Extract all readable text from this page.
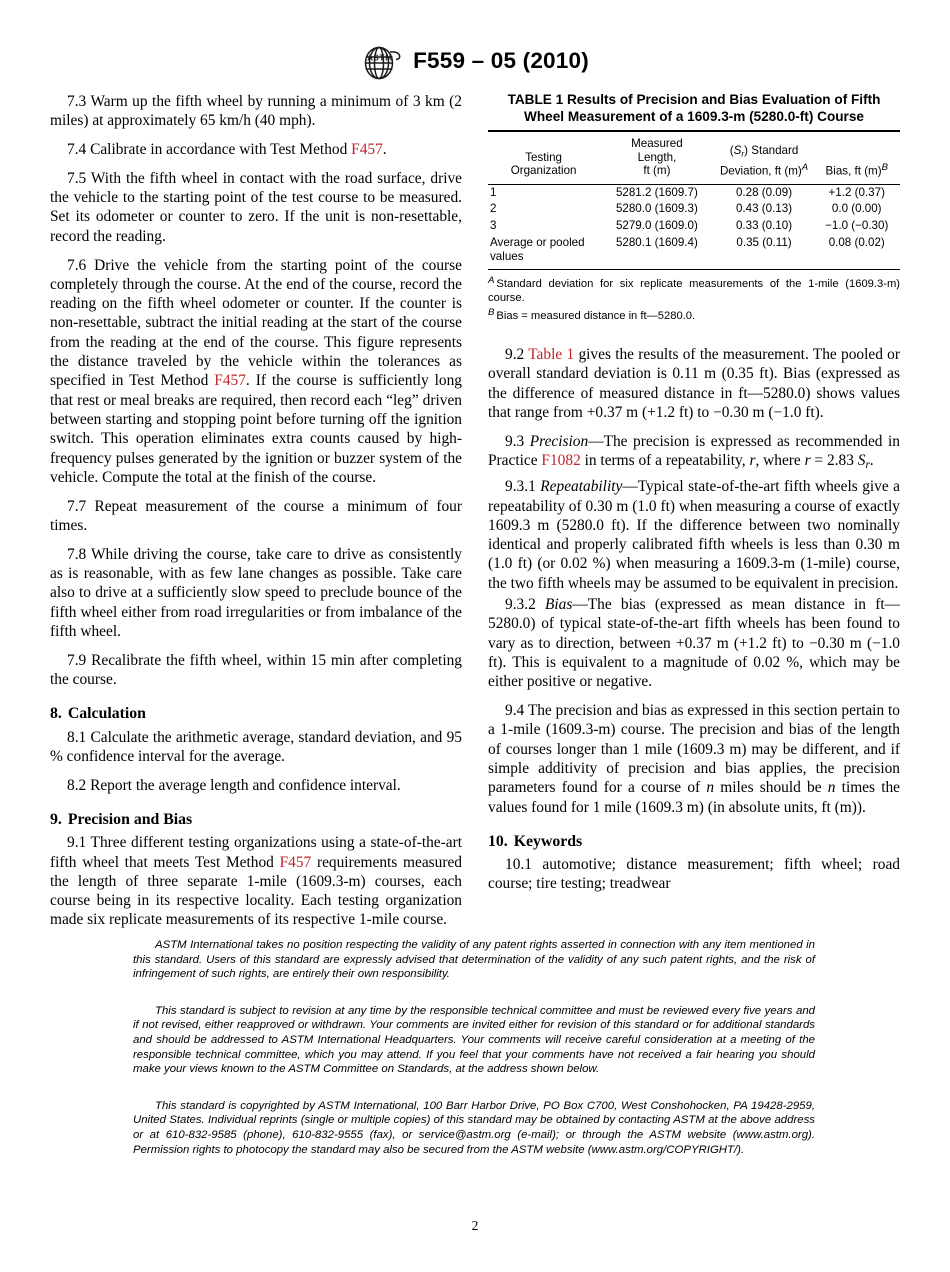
A S T M F559 – 05 (2010)

7.3 Warm up the fifth wheel by running a minimum of 3 km (2 miles) at approximately 65 km/h (40 mph).

7.4 Calibrate in accordance with Test Method F457.

7.5 With the fifth wheel in contact with the road surface, drive the vehicle to the starting point of the test course to be measured. Set its odometer or counter to zero. If the unit is non-resettable, record the reading.

7.6 Drive the vehicle from the starting point of the course completely through the course. At the end of the course, record the reading on the fifth wheel odometer or counter. If the counter is non-resettable, subtract the initial reading at the start of the course from the reading at the end of the course. This figure represents the distance traveled by the vehicle within the tolerances as specified in Test Method F457. If the course is sufficiently long that rest or meal breaks are required, then record each “leg” driven between starting and stopping point before turning off the ignition switch. This operation eliminates extra counts caused by high-frequency pulses generated by the ignition or buzzer system of the vehicle. Compute the total at the finish of the course.

7.7 Repeat measurement of the course a minimum of four times.

7.8 While driving the course, take care to drive as consistently as is reasonable, with as few lane changes as possible. Take care also to drive at a sufficiently slow speed to preclude bounce of the fifth wheel either from road irregularities or from imbalance of the fifth wheel.

7.9 Recalibrate the fifth wheel, within 15 min after completing the course.

8. Calculation

8.1 Calculate the arithmetic average, standard deviation, and 95 % confidence interval for the average.

8.2 Report the average length and confidence interval.

9. Precision and Bias

9.1 Three different testing organizations using a state-of-the-art fifth wheel that meets Test Method F457 requirements measured the length of three separate 1-mile (1609.3-m) courses, each course being in its respective locality. Each testing organization made six replicate measurements of its respective 1-mile course.

TABLE 1 Results of Precision and Bias Evaluation of Fifth Wheel Measurement of a 1609.3-m (5280.0-ft) Course
Testing
Organization	Measured
Length,
ft (m)	$(S_r)$ Standard
Deviation, ft (m)$^A$	Bias, ft (m)$^B$
1	5281.2 (1609.7)	0.28 (0.09)	+1.2 (0.37)
2	5280.0 (1609.3)	0.43 (0.13)	0.0 (0.00)
3	5279.0 (1609.0)	0.33 (0.10)	−1.0 (−0.30)
Average or pooled values	5280.1 (1609.4)	0.35 (0.11)	0.08 (0.02)
A Standard deviation for six replicate measurements of the 1-mile (1609.3-m) course.
B Bias = measured distance in ft—5280.0.

9.2 Table 1 gives the results of the measurement. The pooled or overall standard deviation is 0.11 m (0.35 ft). Bias (expressed as the difference of measured distance in ft—5280.0) shows values that range from +0.37 m (+1.2 ft) to −0.30 m (−1.0 ft).

9.3 Precision—The precision is expressed as recommended in Practice F1082 in terms of a repeatability, r, where r = 2.83 $S_r$.

9.3.1 Repeatability—Typical state-of-the-art fifth wheels give a repeatability of 0.30 m (1.0 ft) when measuring a course of exactly 1609.3 m (5280.0 ft). If the difference between two nominally identical and properly calibrated fifth wheels is less than 0.30 m (1.0 ft) (or 0.02 %) when measuring a 1609.3-m (1-mile) course, the two fifth wheels may be assumed to be equivalent in precision.

9.3.2 Bias—The bias (expressed as mean distance in ft—5280.0) of typical state-of-the-art fifth wheels has been found to vary as to direction, between +0.37 m (+1.2 ft) to −0.30 m (−1.0 ft). This is equivalent to a magnitude of 0.02 %, which may be either positive or negative.

9.4 The precision and bias as expressed in this section pertain to a 1-mile (1609.3-m) course. The precision and bias of the length of courses longer than 1 mile (1609.3 m) may be different, and if simple additivity of precision and bias applies, the precision parameters found for a course of n miles should be n times the values found for 1 mile (1609.3 m) (in absolute units, ft (m)).

10. Keywords

10.1 automotive; distance measurement; fifth wheel; road course; tire testing; treadwear

ASTM International takes no position respecting the validity of any patent rights asserted in connection with any item mentioned in this standard. Users of this standard are expressly advised that determination of the validity of any such patent rights, and the risk of infringement of such rights, are entirely their own responsibility.

This standard is subject to revision at any time by the responsible technical committee and must be reviewed every five years and if not revised, either reapproved or withdrawn. Your comments are invited either for revision of this standard or for additional standards and should be addressed to ASTM International Headquarters. Your comments will receive careful consideration at a meeting of the responsible technical committee, which you may attend. If you feel that your comments have not received a fair hearing you should make your views known to the ASTM Committee on Standards, at the address shown below.

This standard is copyrighted by ASTM International, 100 Barr Harbor Drive, PO Box C700, West Conshohocken, PA 19428-2959, United States. Individual reprints (single or multiple copies) of this standard may be obtained by contacting ASTM at the above address or at 610-832-9585 (phone), 610-832-9555 (fax), or service@astm.org (e-mail); or through the ASTM website (www.astm.org). Permission rights to photocopy the standard may also be secured from the ASTM website (www.astm.org/COPYRIGHT/).

2
